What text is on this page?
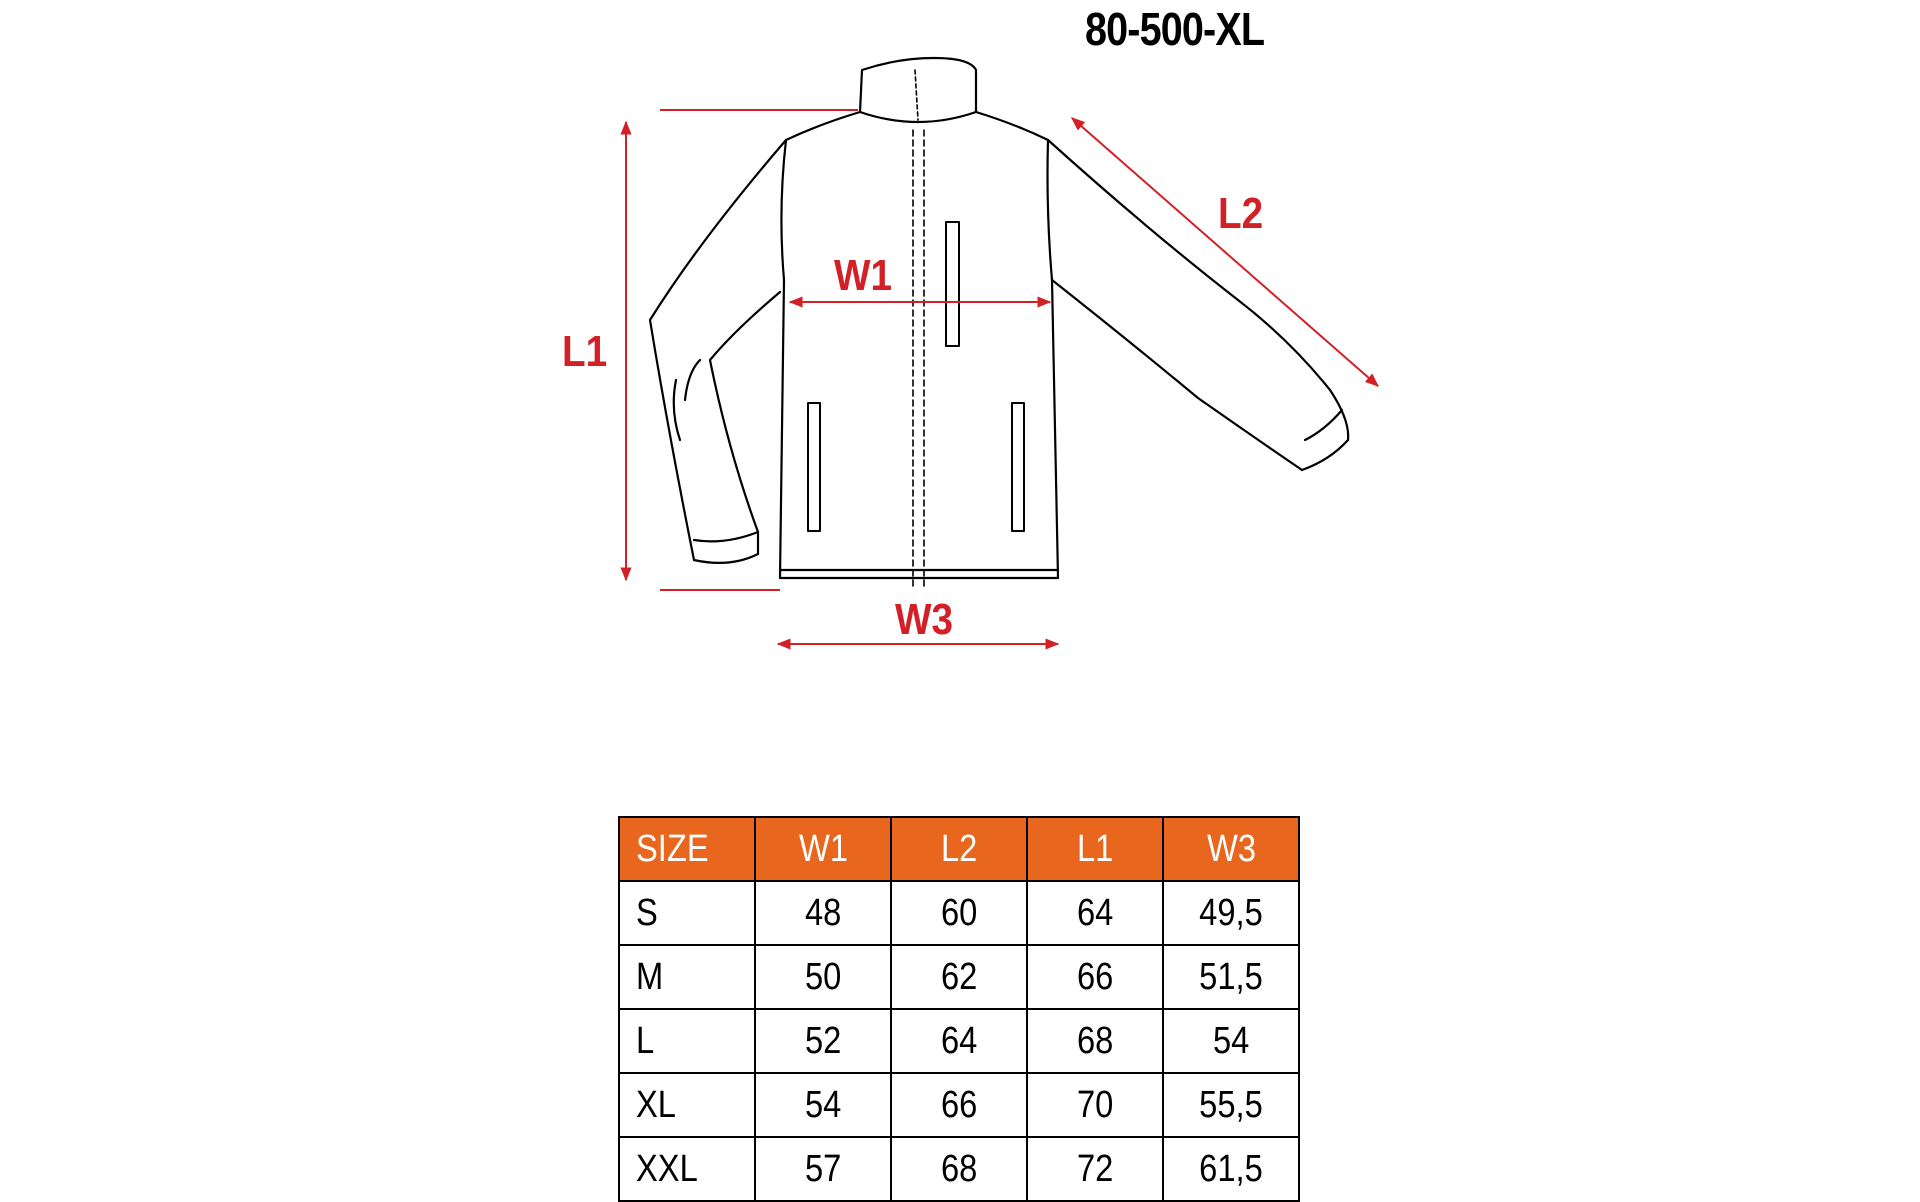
80-500-XL
W1
L2
L1
W3
SIZE	W1	L2	L1	W3
S	48	60	64	49,5
M	50	62	66	51,5
L	52	64	68	54
XL	54	66	70	55,5
XXL	57	68	72	61,5
